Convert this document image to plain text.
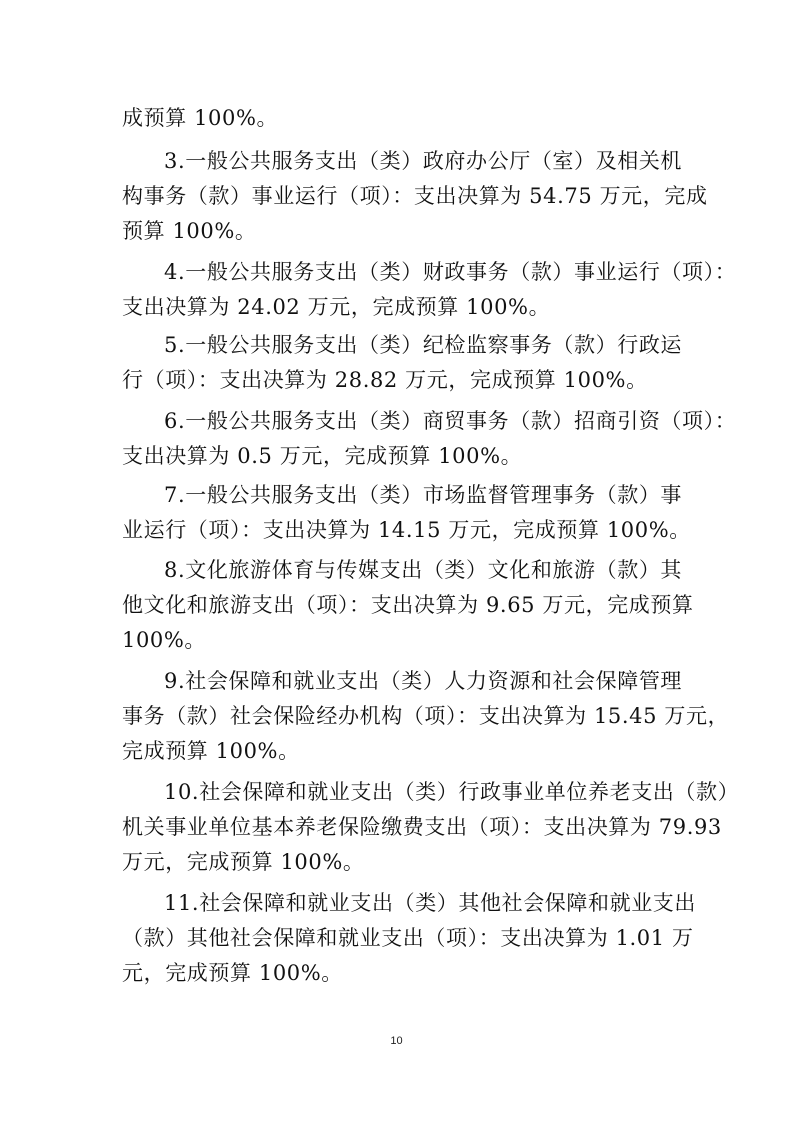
成预算 100%。
3.一般公共服务支出（类）政府办公厅（室）及相关机
构事务（款）事业运行（项）：支出决算为 54.75 万元，完成
预算 100%。
4.一般公共服务支出（类）财政事务（款）事业运行（项）：
支出决算为 24.02 万元，完成预算 100%。
5.一般公共服务支出（类）纪检监察事务（款）行政运
行（项）：支出决算为 28.82 万元，完成预算 100%。
6.一般公共服务支出（类）商贸事务（款）招商引资（项）：
支出决算为 0.5 万元，完成预算 100%。
7.一般公共服务支出（类）市场监督管理事务（款）事
业运行（项）：支出决算为 14.15 万元，完成预算 100%。
8.文化旅游体育与传媒支出（类）文化和旅游（款）其
他文化和旅游支出（项）：支出决算为 9.65 万元，完成预算
100%。
9.社会保障和就业支出（类）人力资源和社会保障管理
事务（款）社会保险经办机构（项）：支出决算为 15.45 万元，
完成预算 100%。
10.社会保障和就业支出（类）行政事业单位养老支出（款）
机关事业单位基本养老保险缴费支出（项）：支出决算为 79.93
万元，完成预算 100%。
11.社会保障和就业支出（类）其他社会保障和就业支出
（款）其他社会保障和就业支出（项）：支出决算为 1.01 万
元，完成预算 100%。
10
